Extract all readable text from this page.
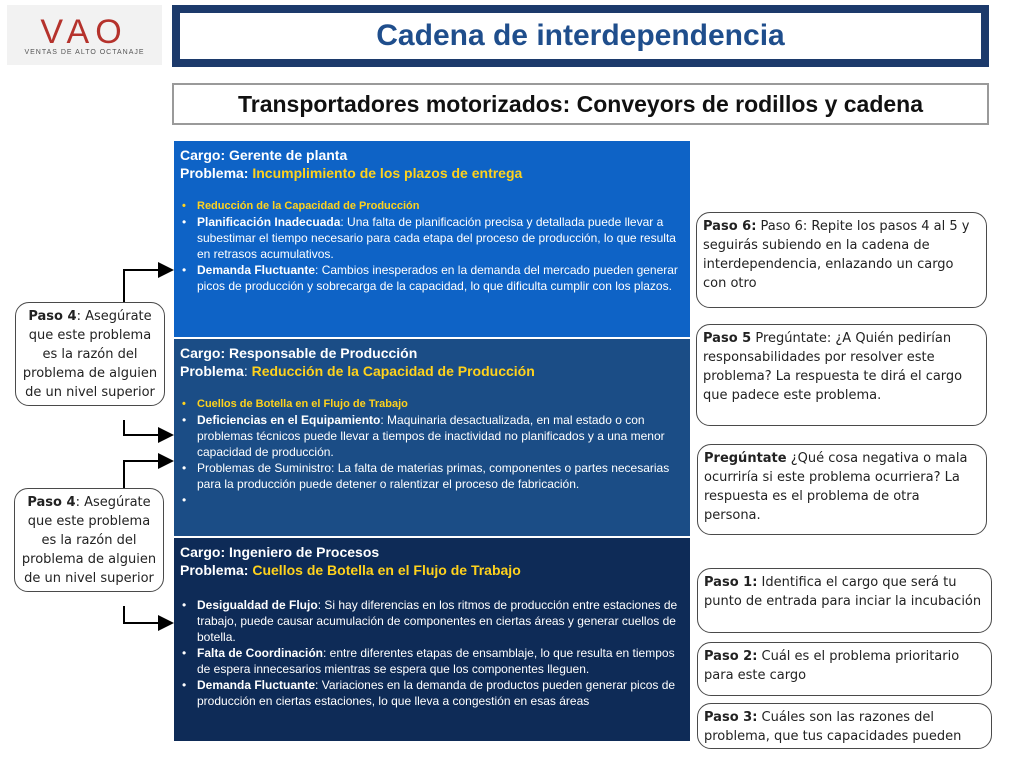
VAO
VENTAS DE ALTO OCTANAJE
Cadena de interdependencia
Transportadores motorizados: Conveyors de rodillos y cadena
Cargo: Gerente de planta
Problema: Incumplimiento de los plazos de entrega
• Reducción de la Capacidad de Producción
• Planificación Inadecuada: Una falta de planificación precisa y detallada puede llevar a subestimar el tiempo necesario para cada etapa del proceso de producción, lo que resulta en retrasos acumulativos.
• Demanda Fluctuante: Cambios inesperados en la demanda del mercado pueden generar picos de producción y sobrecarga de la capacidad, lo que dificulta cumplir con los plazos.
Cargo: Responsable de Producción
Problema: Reducción de la Capacidad de Producción
• Cuellos de Botella en el Flujo de Trabajo
• Deficiencias en el Equipamiento: Maquinaria desactualizada, en mal estado o con problemas técnicos puede llevar a tiempos de inactividad no planificados y a una menor capacidad de producción.
• Problemas de Suministro: La falta de materias primas, componentes o partes necesarias para la producción puede detener o ralentizar el proceso de fabricación.
Cargo: Ingeniero de Procesos
Problema: Cuellos de Botella en el Flujo de Trabajo
• Desigualdad de Flujo: Si hay diferencias en los ritmos de producción entre estaciones de trabajo, puede causar acumulación de componentes en ciertas áreas y generar cuellos de botella.
• Falta de Coordinación: entre diferentes etapas de ensamblaje, lo que resulta en tiempos de espera innecesarios mientras se espera que los componentes lleguen.
• Demanda Fluctuante: Variaciones en la demanda de productos pueden generar picos de producción en ciertas estaciones, lo que lleva a congestión en esas áreas
Paso 4: Asegúrate que este problema es la razón del problema de alguien de un nivel superior
Paso 4: Asegúrate que este problema es la razón del problema de alguien de un nivel superior
Paso 6: Paso 6: Repite los pasos 4 al 5 y seguirás subiendo en la cadena de interdependencia, enlazando un cargo con otro
Paso 5 Pregúntate: ¿A Quién pedirían responsabilidades por resolver este problema? La respuesta te dirá el cargo que padece este problema.
Pregúntate ¿Qué cosa negativa o mala ocurriría si este problema ocurriera? La respuesta es el problema de otra persona.
Paso 1: Identifica el cargo que será tu punto de entrada para inciar la incubación
Paso 2: Cuál es el problema prioritario para este cargo
Paso 3: Cuáles son las razones del problema, que tus capacidades pueden
